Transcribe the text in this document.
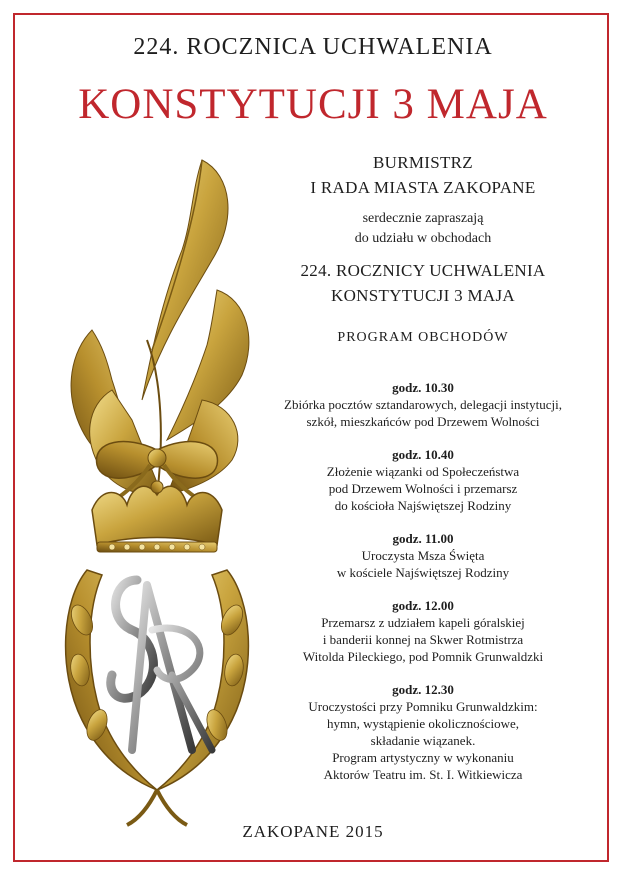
224. ROCZNICA UCHWALENIA
KONSTYTUCJI 3 MAJA
BURMISTRZ
I RADA MIASTA ZAKOPANE
serdecznie zapraszają
do udziału w obchodach
224. ROCZNICY UCHWALENIA
KONSTYTUCJI 3 MAJA
PROGRAM OBCHODÓW
godz. 10.30
Zbiórka pocztów sztandarowych, delegacji instytucji,
szkół, mieszkańców pod Drzewem Wolności
godz. 10.40
Złożenie wiązanki od Społeczeństwa
pod Drzewem Wolności i przemarsz
do kościoła Najświętszej Rodziny
godz. 11.00
Uroczysta Msza Święta
w kościele Najświętszej Rodziny
godz. 12.00
Przemarsz z udziałem kapeli góralskiej
i banderii konnej na Skwer Rotmistrza
Witolda Pileckiego, pod Pomnik Grunwaldzki
godz. 12.30
Uroczystości przy Pomniku Grunwaldzkim:
hymn, wystąpienie okolicznościowe,
składanie wiązanek.
Program artystyczny w wykonaniu
Aktorów Teatru im. St. I. Witkiewicza
ZAKOPANE 2015
